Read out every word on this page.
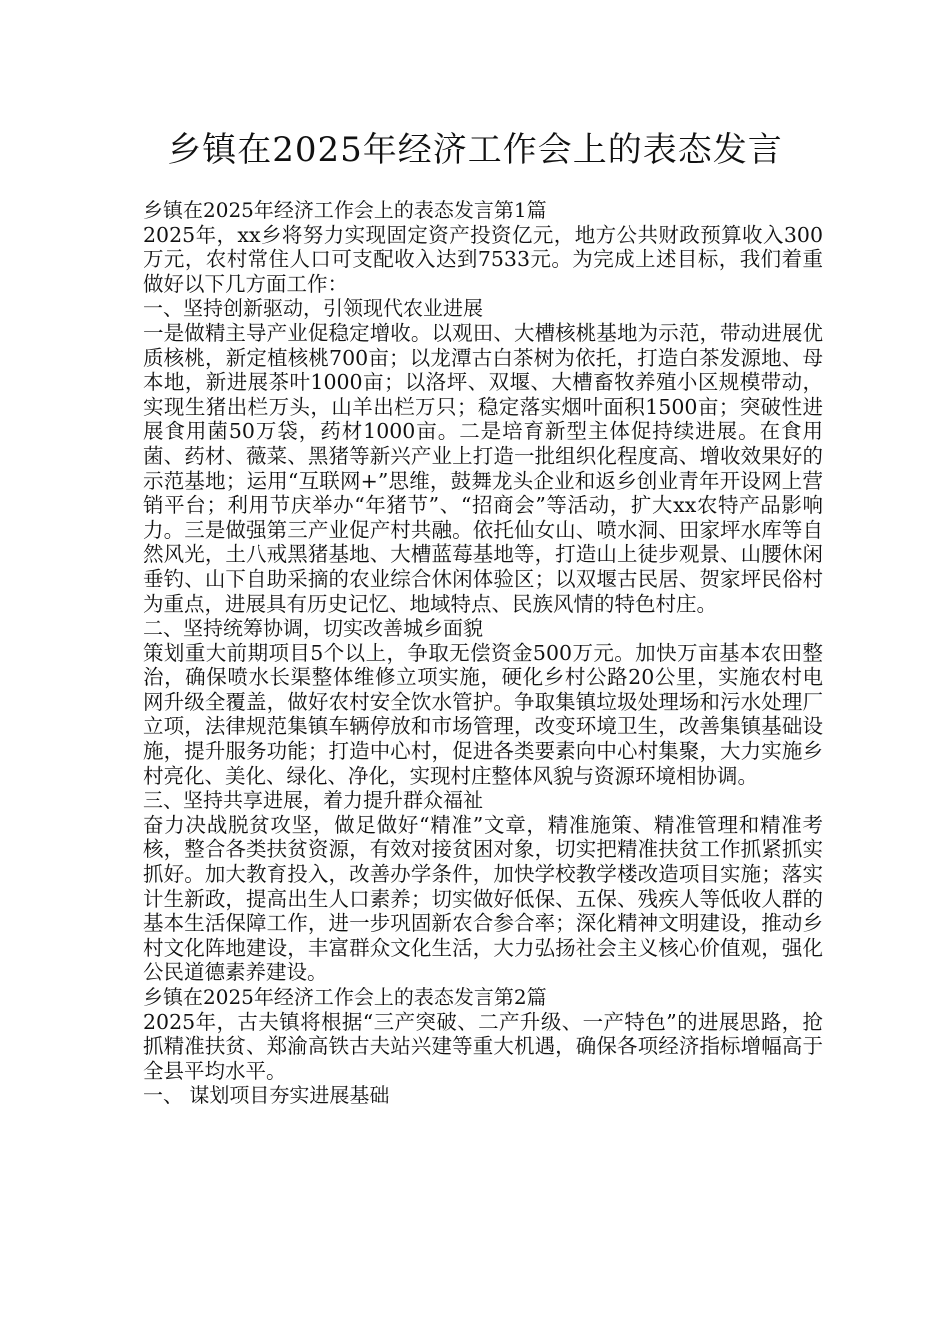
乡镇在2025年经济工作会上的表态发言

乡镇在2025年经济工作会上的表态发言第1篇

2025年，xx乡将努力实现固定资产投资亿元，地方公共财政预算收入300万元，农村常住人口可支配收入达到7533元。为完成上述目标，我们着重做好以下几方面工作：

一、坚持创新驱动，引领现代农业进展

一是做精主导产业促稳定增收。以观田、大槽核桃基地为示范，带动进展优质核桃，新定植核桃700亩；以龙潭古白茶树为依托，打造白茶发源地、母本地，新进展茶叶1000亩；以洛坪、双堰、大槽畜牧养殖小区规模带动，实现生猪出栏万头，山羊出栏万只；稳定落实烟叶面积1500亩；突破性进展食用菌50万袋，药材1000亩。二是培育新型主体促持续进展。在食用菌、药材、薇菜、黑猪等新兴产业上打造一批组织化程度高、增收效果好的示范基地；运用“互联网+”思维，鼓舞龙头企业和返乡创业青年开设网上营销平台；利用节庆举办“年猪节”、“招商会”等活动，扩大xx农特产品影响力。三是做强第三产业促产村共融。依托仙女山、喷水洞、田家坪水库等自然风光，土八戒黑猪基地、大槽蓝莓基地等，打造山上徒步观景、山腰休闲垂钓、山下自助采摘的农业综合休闲体验区；以双堰古民居、贺家坪民俗村为重点，进展具有历史记忆、地域特点、民族风情的特色村庄。

二、坚持统筹协调，切实改善城乡面貌

策划重大前期项目5个以上，争取无偿资金500万元。加快万亩基本农田整治，确保喷水长渠整体维修立项实施，硬化乡村公路20公里，实施农村电网升级全覆盖，做好农村安全饮水管护。争取集镇垃圾处理场和污水处理厂立项，法律规范集镇车辆停放和市场管理，改变环境卫生，改善集镇基础设施，提升服务功能；打造中心村，促进各类要素向中心村集聚，大力实施乡村亮化、美化、绿化、净化，实现村庄整体风貌与资源环境相协调。

三、坚持共享进展，着力提升群众福祉

奋力决战脱贫攻坚，做足做好“精准”文章，精准施策、精准管理和精准考核，整合各类扶贫资源，有效对接贫困对象，切实把精准扶贫工作抓紧抓实抓好。加大教育投入，改善办学条件，加快学校教学楼改造项目实施；落实计生新政，提高出生人口素养；切实做好低保、五保、残疾人等低收人群的基本生活保障工作，进一步巩固新农合参合率；深化精神文明建设，推动乡村文化阵地建设，丰富群众文化生活，大力弘扬社会主义核心价值观，强化公民道德素养建设。

乡镇在2025年经济工作会上的表态发言第2篇

2025年，古夫镇将根据“三产突破、二产升级、一产特色”的进展思路，抢抓精准扶贫、郑渝高铁古夫站兴建等重大机遇，确保各项经济指标增幅高于全县平均水平。

一、 谋划项目夯实进展基础
